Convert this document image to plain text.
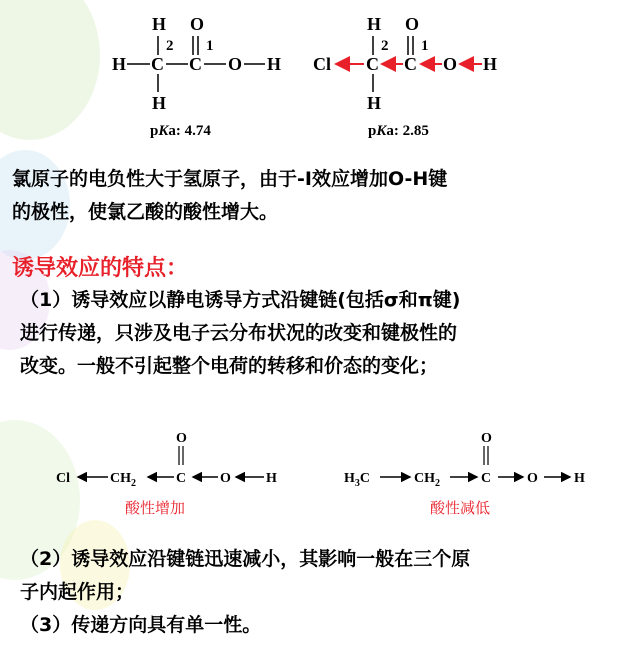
H O
2 1
H C C O H
H
pKa: 4.74
H O
2 1
Cl C C O H
H
pKa: 2.85
氯原子的电负性大于氢原子，由于-I效应增加O-H键
的极性，使氯乙酸的酸性增大。
诱导效应的特点：
（1）诱导效应以静电诱导方式沿键链(包括σ和π键)
进行传递，只涉及电子云分布状况的改变和键极性的
改变。一般不引起整个电荷的转移和价态的变化；
O
Cl	$CH_2$	C O	H
O
$H_3C$	$CH_2$	C	O	H
酸性增加	酸性减低
（2）诱导效应沿键链迅速减小，其影响一般在三个原
子内起作用；
（3）传递方向具有单一性。
